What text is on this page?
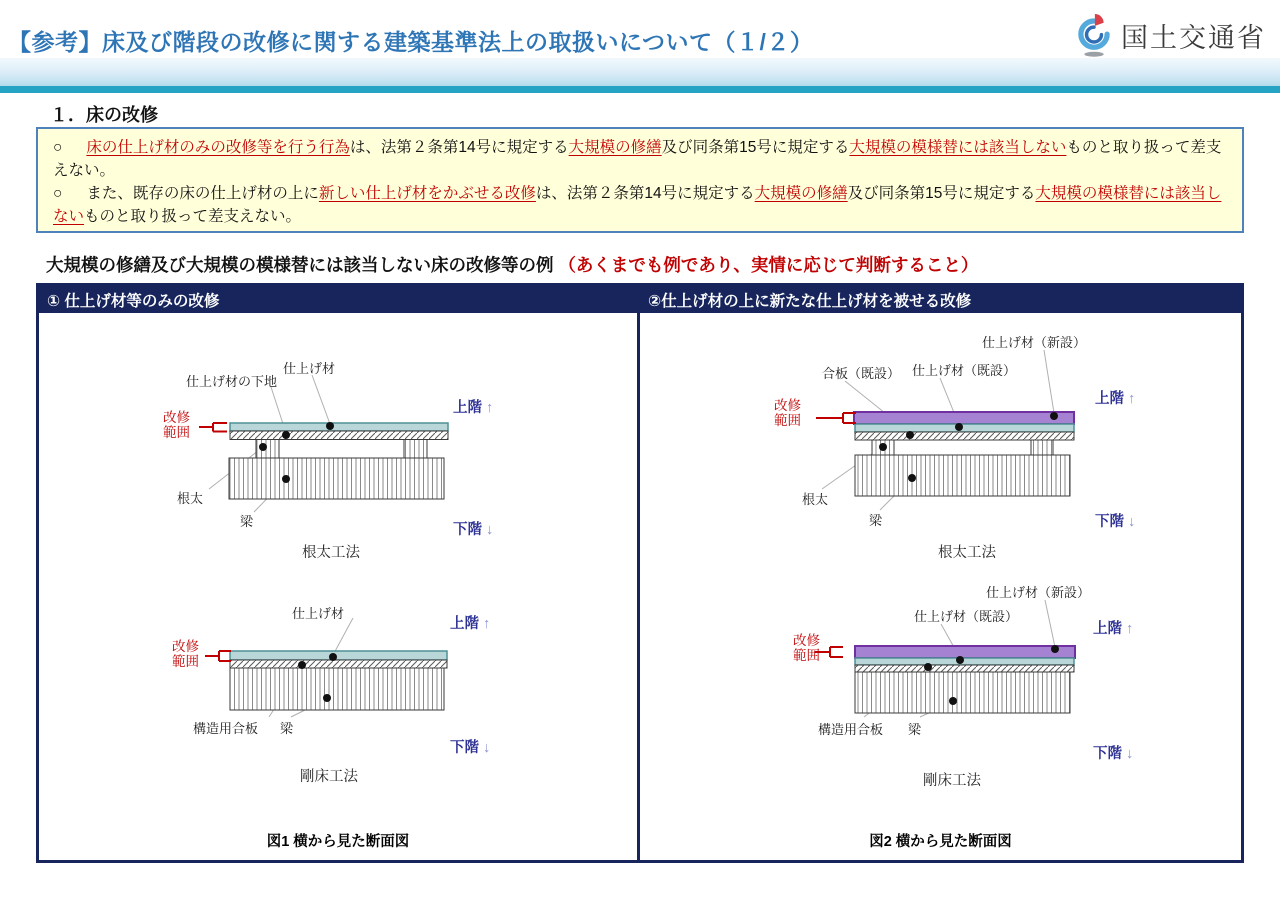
【参考】床及び階段の改修に関する建築基準法上の取扱いについて（１/２）	国土交通省
１．床の改修

○ 床の仕上げ材のみの改修等を行う行為は、法第２条第14号に規定する大規模の修繕及び同条第15号に規定する大規模の模様替には該当しないものと取り扱って差支えない。

○ また、既存の床の仕上げ材の上に新しい仕上げ材をかぶせる改修は、法第２条第14号に規定する大規模の修繕及び同条第15号に規定する大規模の模様替には該当しないものと取り扱って差支えない。

大規模の修繕及び大規模の模様替には該当しない床の改修等の例 （あくまでも例であり、実情に応じて判断すること）
① 仕上げ材等のみの改修
仕上げ材
仕上げ材の下地
改修範囲
根太
梁
上階 ↑
下階 ↓
根太工法
仕上げ材
改修範囲
構造用合板 梁
上階 ↑
下階 ↓
剛床工法
図1 横から見た断面図
②仕上げ材の上に新たな仕上げ材を被せる改修
仕上げ材（新設）
合板（既設） 仕上げ材（既設）
改修範囲
根太
梁
上階 ↑
下階 ↓
根太工法
仕上げ材（新設）
仕上げ材（既設）
改修範囲
構造用合板 梁
上階 ↑
下階 ↓
剛床工法
図2 横から見た断面図
